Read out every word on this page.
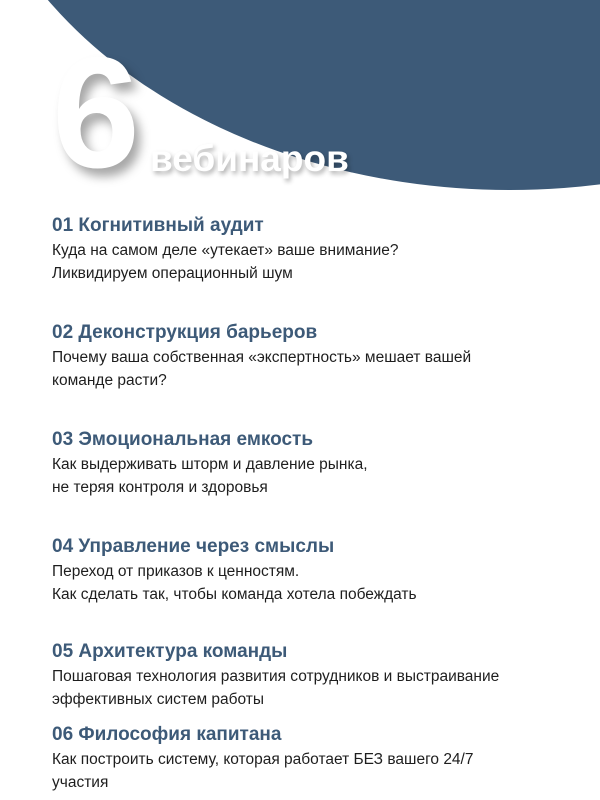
6 вебинаров

01 Когнитивный аудит

Куда на самом деле «утекает» ваше внимание?
Ликвидируем операционный шум

02 Деконструкция барьеров

Почему ваша собственная «экспертность» мешает вашей
команде расти?

03 Эмоциональная емкость

Как выдерживать шторм и давление рынка,
не теряя контроля и здоровья

04 Управление через смыслы

Переход от приказов к ценностям.
Как сделать так, чтобы команда хотела побеждать

05 Архитектура команды

Пошаговая технология развития сотрудников и выстраивание
эффективных систем работы

06 Философия капитана

Как построить систему, которая работает БЕЗ вашего 24/7
участия
